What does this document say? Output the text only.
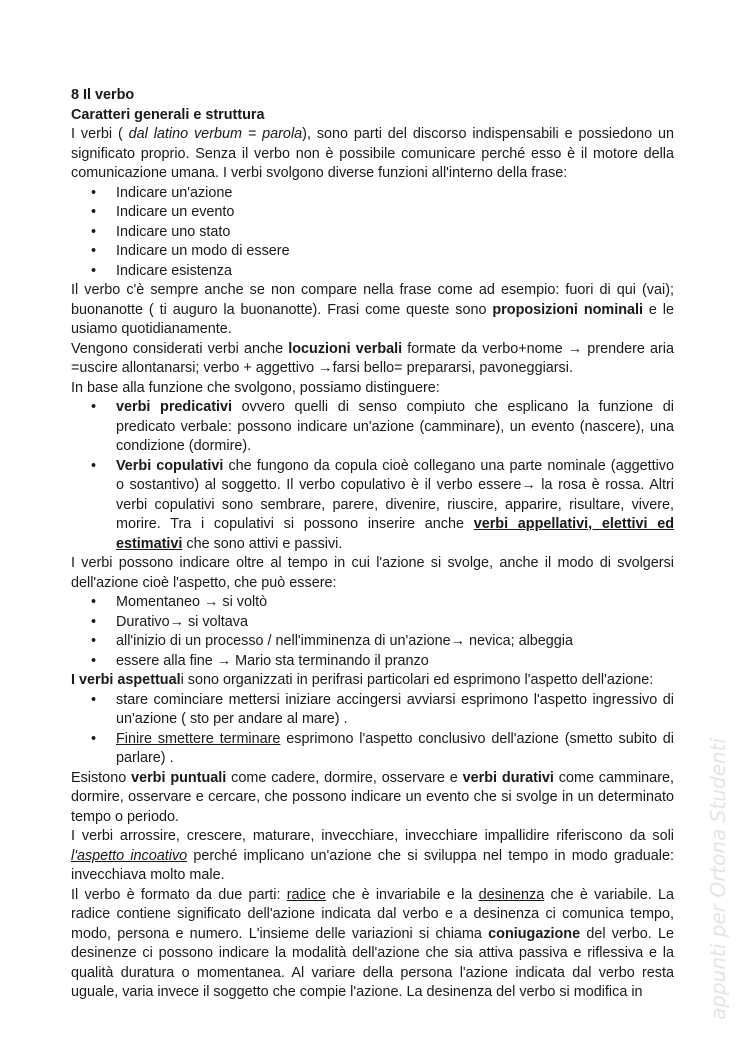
8 Il verbo

Caratteri generali e struttura

I verbi ( dal latino verbum = parola), sono parti del discorso indispensabili e possiedono un significato proprio. Senza il verbo non è possibile comunicare perché esso è il motore della comunicazione umana. I verbi svolgono diverse funzioni all'interno della frase:

• Indicare un'azione
• Indicare un evento
• Indicare uno stato
• Indicare un modo di essere
• Indicare esistenza

Il verbo c'è sempre anche se non compare nella frase come ad esempio: fuori di qui (vai); buonanotte ( ti auguro la buonanotte). Frasi come queste sono proposizioni nominali e le usiamo quotidianamente.

Vengono considerati verbi anche locuzioni verbali formate da verbo+nome → prendere aria =uscire allontanarsi; verbo + aggettivo →farsi bello= prepararsi, pavoneggiarsi.

In base alla funzione che svolgono, possiamo distinguere:

• verbi predicativi ovvero quelli di senso compiuto che esplicano la funzione di predicato verbale: possono indicare un'azione (camminare), un evento (nascere), una condizione (dormire).
• Verbi copulativi che fungono da copula cioè collegano una parte nominale (aggettivo o sostantivo) al soggetto. Il verbo copulativo è il verbo essere→ la rosa è rossa. Altri verbi copulativi sono sembrare, parere, divenire, riuscire, apparire, risultare, vivere, morire. Tra i copulativi si possono inserire anche verbi appellativi, elettivi ed estimativi che sono attivi e passivi.

I verbi possono indicare oltre al tempo in cui l'azione si svolge, anche il modo di svolgersi dell'azione cioè l'aspetto, che può essere:

• Momentaneo → si voltò
• Durativo→ si voltava
• all'inizio di un processo / nell'imminenza di un'azione→ nevica; albeggia
• essere alla fine → Mario sta terminando il pranzo

I verbi aspettuali sono organizzati in perifrasi particolari ed esprimono l'aspetto dell'azione:

• stare cominciare mettersi iniziare accingersi avviarsi esprimono l'aspetto ingressivo di un'azione ( sto per andare al mare) .
• Finire smettere terminare esprimono l'aspetto conclusivo dell'azione (smetto subito di parlare) .

Esistono verbi puntuali come cadere, dormire, osservare e verbi durativi come camminare, dormire, osservare e cercare, che possono indicare un evento che si svolge in un determinato tempo o periodo.

I verbi arrossire, crescere, maturare, invecchiare, invecchiare impallidire riferiscono da soli l'aspetto incoativo perché implicano un'azione che si sviluppa nel tempo in modo graduale: invecchiava molto male.

Il verbo è formato da due parti: radice che è invariabile e la desinenza che è variabile. La radice contiene significato dell'azione indicata dal verbo e a desinenza ci comunica tempo, modo, persona e numero. L'insieme delle variazioni si chiama coniugazione del verbo. Le desinenze ci possono indicare la modalità dell'azione che sia attiva passiva e riflessiva e la qualità duratura o momentanea. Al variare della persona l'azione indicata dal verbo resta uguale, varia invece il soggetto che compie l'azione. La desinenza del verbo si modifica in	appunti per Ortona Studenti
